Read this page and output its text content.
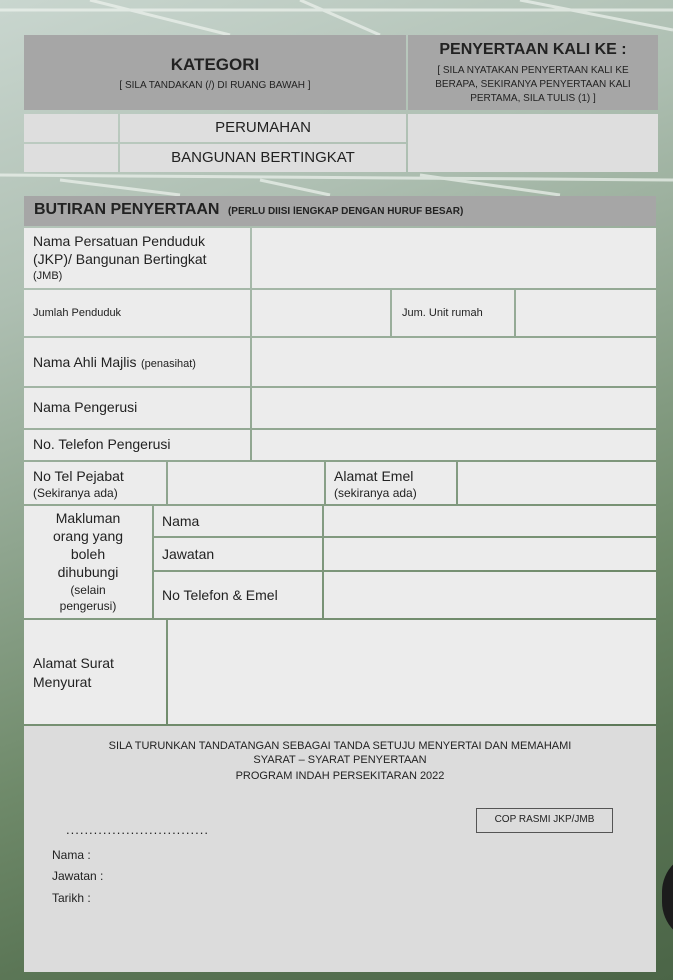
KATEGORI
[ SILA TANDAKAN (/) DI RUANG BAWAH ]
PENYERTAAN KALI KE :
[ SILA NYATAKAN PENYERTAAN KALI KE
BERAPA, SEKIRANYA PENYERTAAN KALI
PERTAMA, SILA TULIS (1) ]
PERUMAHAN
BANGUNAN BERTINGKAT
BUTIRAN PENYERTAAN (PERLU DIISI lENGKAP DENGAN HURUF BESAR)
Nama Persatuan Penduduk
(JKP)/ Bangunan Bertingkat
(JMB)
Jumlah Penduduk	Jum. Unit rumah
Nama Ahli Majlis (penasihat)
Nama Pengerusi
No. Telefon Pengerusi
No Tel Pejabat
(Sekiranya ada)
Alamat Emel
(sekiranya ada)
Makluman
orang yang
boleh
dihubungi
(selain
pengerusi)
Nama
Jawatan
No Telefon & Emel
Alamat Surat
Menyurat
SILA TURUNKAN TANDATANGAN SEBAGAI TANDA SETUJU MENYERTAI DAN MEMAHAMI
SYARAT – SYARAT PENYERTAAN
PROGRAM INDAH PERSEKITARAN 2022
COP RASMI JKP/JMB
...............................
Nama :
Jawatan :
Tarikh :
